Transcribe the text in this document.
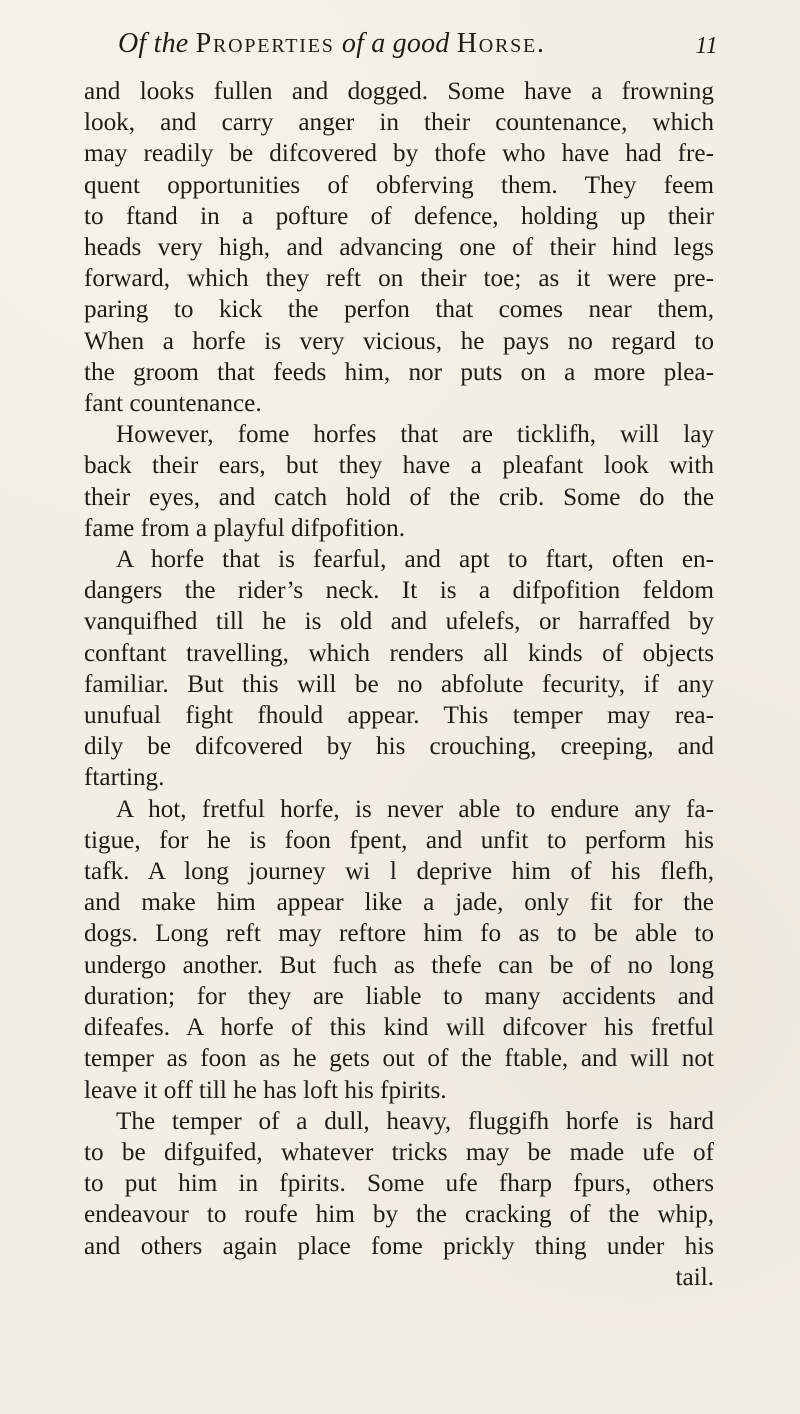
Of the Properties of a good Horse.	11
and looks fullen and dogged. Some have a frowning
look, and carry anger in their countenance, which
may readily be difcovered by thofe who have had fre-
quent opportunities of obferving them. They feem
to ftand in a pofture of defence, holding up their
heads very high, and advancing one of their hind legs
forward, which they reft on their toe; as it were pre-
paring to kick the perfon that comes near them,
When a horfe is very vicious, he pays no regard to
the groom that feeds him, nor puts on a more plea-
fant countenance.
However, fome horfes that are ticklifh, will lay
back their ears, but they have a pleafant look with
their eyes, and catch hold of the crib. Some do the
fame from a playful difpofition.
A horfe that is fearful, and apt to ftart, often en-
dangers the rider’s neck. It is a difpofition feldom
vanquifhed till he is old and ufelefs, or harraffed by
conftant travelling, which renders all kinds of objects
familiar. But this will be no abfolute fecurity, if any
unufual fight fhould appear. This temper may rea-
dily be difcovered by his crouching, creeping, and
ftarting.
A hot, fretful horfe, is never able to endure any fa-
tigue, for he is foon fpent, and unfit to perform his
tafk. A long journey wi l deprive him of his flefh,
and make him appear like a jade, only fit for the
dogs. Long reft may reftore him fo as to be able to
undergo another. But fuch as thefe can be of no long
duration; for they are liable to many accidents and
difeafes. A horfe of this kind will difcover his fretful
temper as foon as he gets out of the ftable, and will not
leave it off till he has loft his fpirits.
The temper of a dull, heavy, fluggifh horfe is hard
to be difguifed, whatever tricks may be made ufe of
to put him in fpirits. Some ufe fharp fpurs, others
endeavour to roufe him by the cracking of the whip,
and others again place fome prickly thing under his
tail.
